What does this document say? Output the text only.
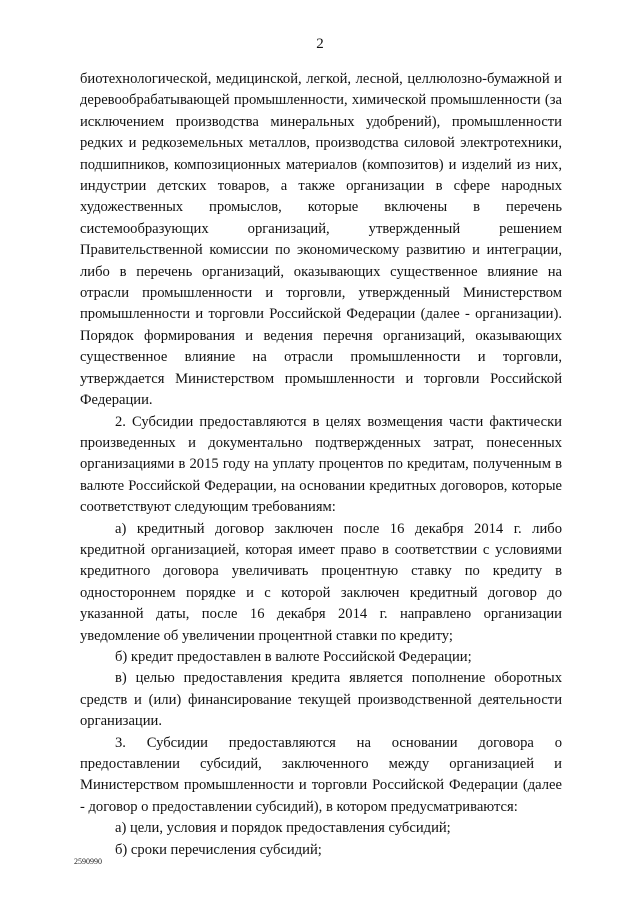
2

биотехнологической, медицинской, легкой, лесной, целлюлозно-бумажной и деревообрабатывающей промышленности, химической промышленности (за исключением производства минеральных удобрений), промышленности редких и редкоземельных металлов, производства силовой электротехники, подшипников, композиционных материалов (композитов) и изделий из них, индустрии детских товаров, а также организации в сфере народных художественных промыслов, которые включены в перечень системообразующих организаций, утвержденный решением Правительственной комиссии по экономическому развитию и интеграции, либо в перечень организаций, оказывающих существенное влияние на отрасли промышленности и торговли, утвержденный Министерством промышленности и торговли Российской Федерации (далее - организации). Порядок формирования и ведения перечня организаций, оказывающих существенное влияние на отрасли промышленности и торговли, утверждается Министерством промышленности и торговли Российской Федерации.

2. Субсидии предоставляются в целях возмещения части фактически произведенных и документально подтвержденных затрат, понесенных организациями в 2015 году на уплату процентов по кредитам, полученным в валюте Российской Федерации, на основании кредитных договоров, которые соответствуют следующим требованиям:

а) кредитный договор заключен после 16 декабря 2014 г. либо кредитной организацией, которая имеет право в соответствии с условиями кредитного договора увеличивать процентную ставку по кредиту в одностороннем порядке и с которой заключен кредитный договор до указанной даты, после 16 декабря 2014 г. направлено организации уведомление об увеличении процентной ставки по кредиту;

б) кредит предоставлен в валюте Российской Федерации;

в) целью предоставления кредита является пополнение оборотных средств и (или) финансирование текущей производственной деятельности организации.

3. Субсидии предоставляются на основании договора о предоставлении субсидий, заключенного между организацией и Министерством промышленности и торговли Российской Федерации (далее - договор о предоставлении субсидий), в котором предусматриваются:

а) цели, условия и порядок предоставления субсидий;

б) сроки перечисления субсидий;

2590990
